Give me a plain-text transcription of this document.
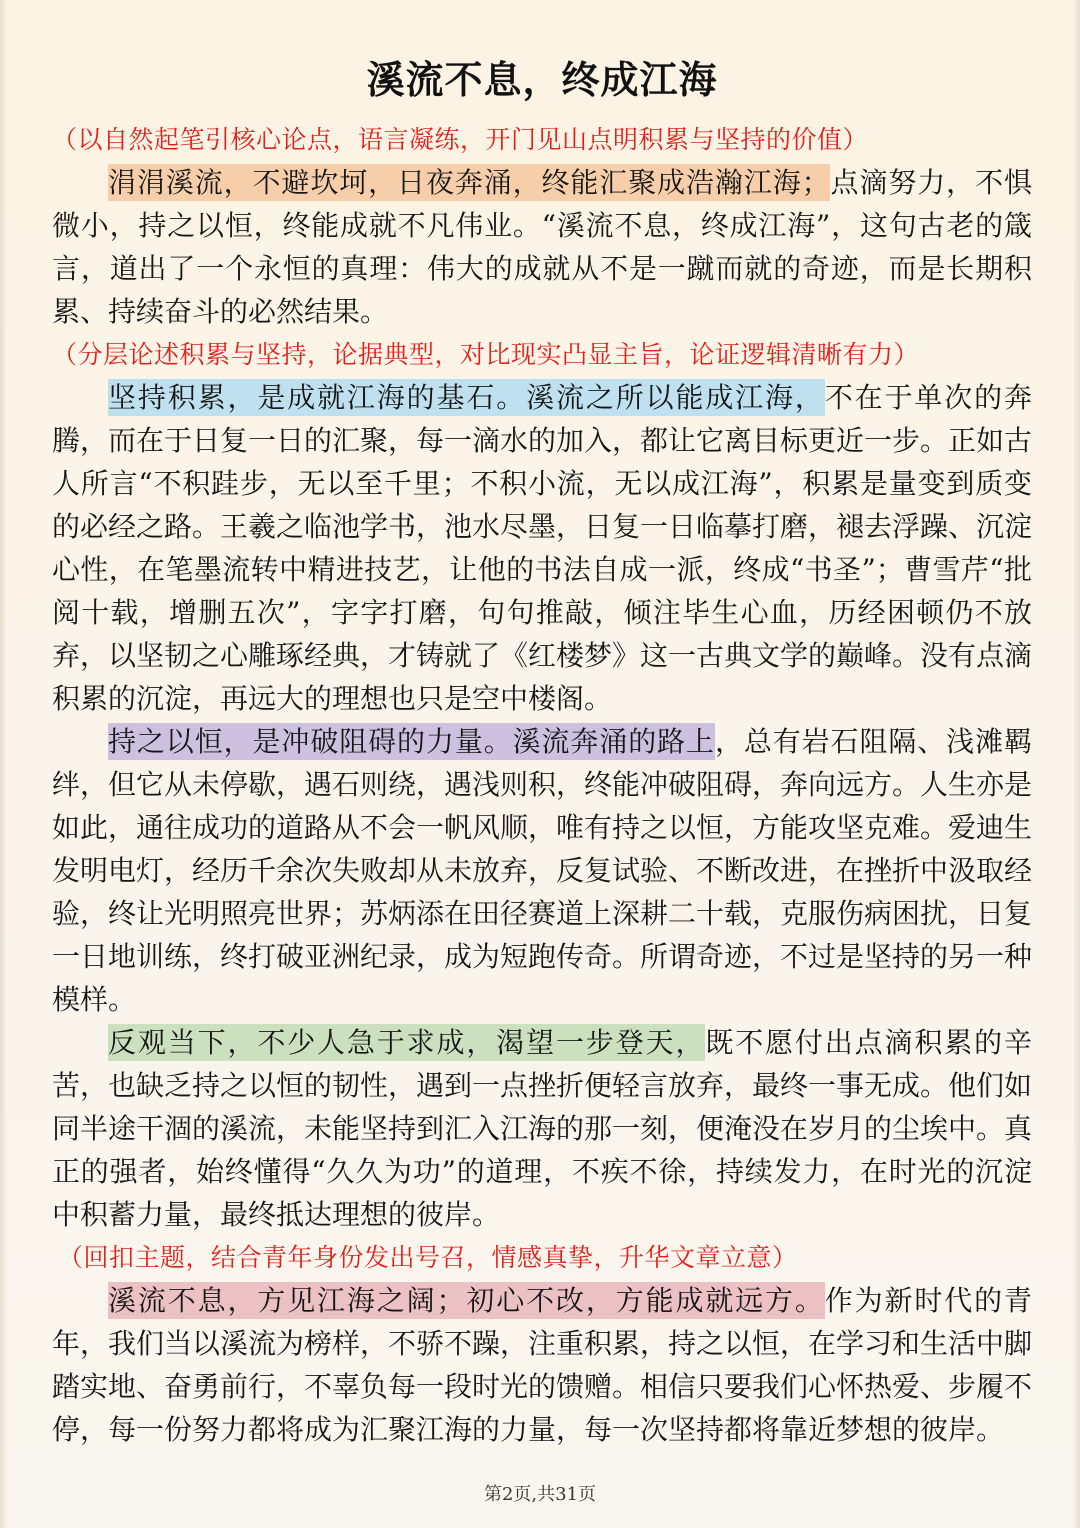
溪流不息，终成江海
（以自然起笔引核心论点，语言凝练，开门见山点明积累与坚持的价值）

涓涓溪流，不避坎坷，日夜奔涌，终能汇聚成浩瀚江海；点滴努力，不惧微小，持之以恒，终能成就不凡伟业。“溪流不息，终成江海”，这句古老的箴言，道出了一个永恒的真理：伟大的成就从不是一蹴而就的奇迹，而是长期积累、持续奋斗的必然结果。

（分层论述积累与坚持，论据典型，对比现实凸显主旨，论证逻辑清晰有力）

坚持积累，是成就江海的基石。溪流之所以能成江海，不在于单次的奔腾，而在于日复一日的汇聚，每一滴水的加入，都让它离目标更近一步。正如古人所言“不积跬步，无以至千里；不积小流，无以成江海”，积累是量变到质变的必经之路。王羲之临池学书，池水尽墨，日复一日临摹打磨，褪去浮躁、沉淀心性，在笔墨流转中精进技艺，让他的书法自成一派，终成“书圣”；曹雪芹“批阅十载，增删五次”，字字打磨，句句推敲，倾注毕生心血，历经困顿仍不放弃，以坚韧之心雕琢经典，才铸就了《红楼梦》这一古典文学的巅峰。没有点滴积累的沉淀，再远大的理想也只是空中楼阁。

持之以恒，是冲破阻碍的力量。溪流奔涌的路上，总有岩石阻隔、浅滩羁绊，但它从未停歇，遇石则绕，遇浅则积，终能冲破阻碍，奔向远方。人生亦是如此，通往成功的道路从不会一帆风顺，唯有持之以恒，方能攻坚克难。爱迪生发明电灯，经历千余次失败却从未放弃，反复试验、不断改进，在挫折中汲取经验，终让光明照亮世界；苏炳添在田径赛道上深耕二十载，克服伤病困扰，日复一日地训练，终打破亚洲纪录，成为短跑传奇。所谓奇迹，不过是坚持的另一种模样。

反观当下，不少人急于求成，渴望一步登天，既不愿付出点滴积累的辛苦，也缺乏持之以恒的韧性，遇到一点挫折便轻言放弃，最终一事无成。他们如同半途干涸的溪流，未能坚持到汇入江海的那一刻，便淹没在岁月的尘埃中。真正的强者，始终懂得“久久为功”的道理，不疾不徐，持续发力，在时光的沉淀中积蓄力量，最终抵达理想的彼岸。

（回扣主题，结合青年身份发出号召，情感真挚，升华文章立意）

溪流不息，方见江海之阔；初心不改，方能成就远方。作为新时代的青年，我们当以溪流为榜样，不骄不躁，注重积累，持之以恒，在学习和生活中脚踏实地、奋勇前行，不辜负每一段时光的馈赠。相信只要我们心怀热爱、步履不停，每一份努力都将成为汇聚江海的力量，每一次坚持都将靠近梦想的彼岸。

第2页,共31页
